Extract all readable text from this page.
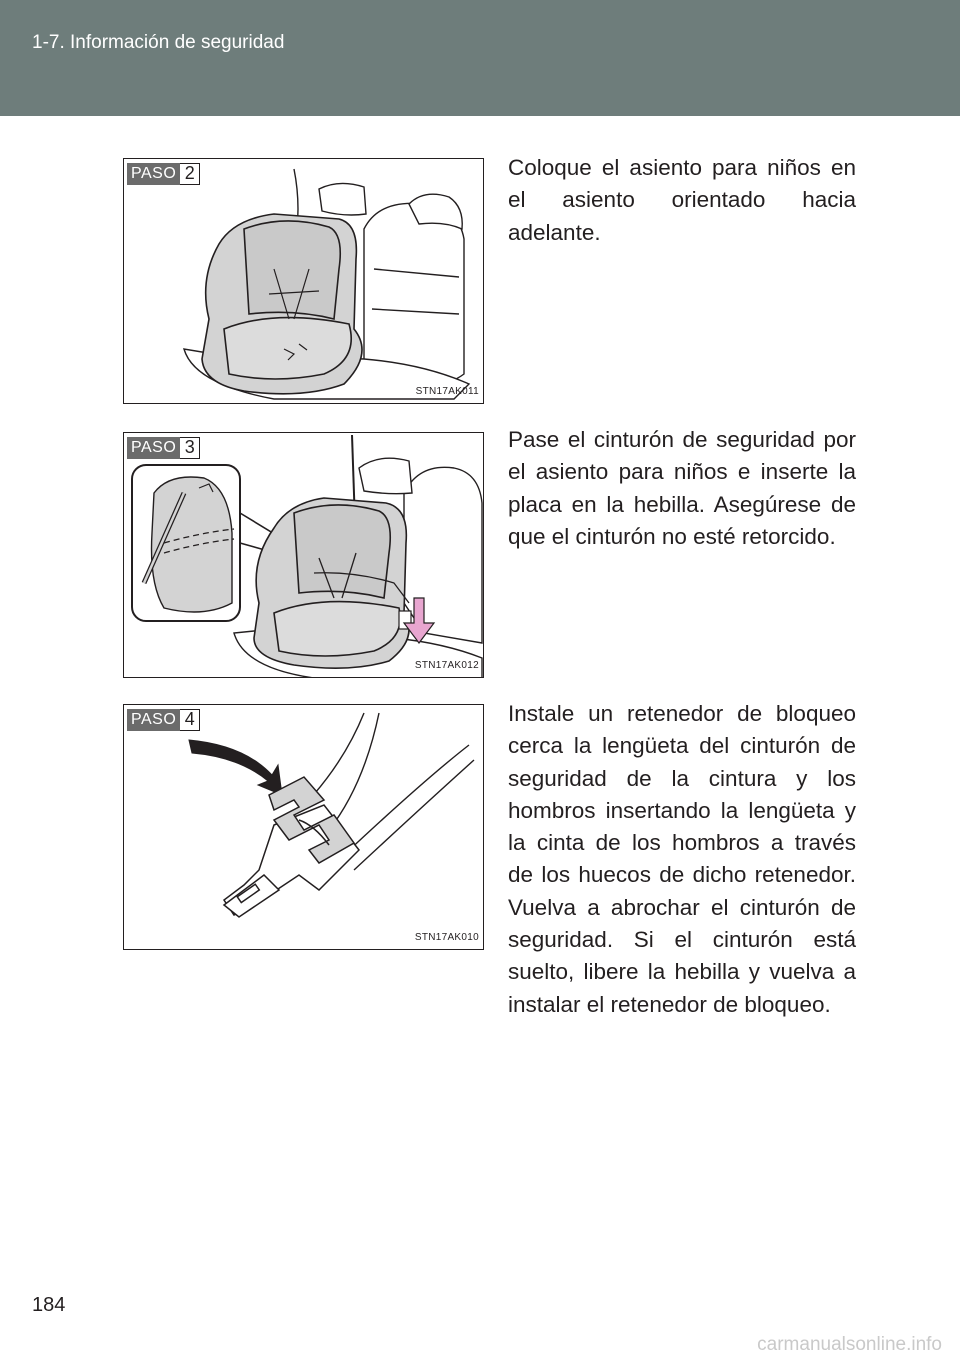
1-7. Información de seguridad
PASO 2
STN17AK011

Coloque el asiento para niños en el asiento orientado hacia adelante.

PASO 3
STN17AK012

Pase el cinturón de seguridad por el asiento para niños e inserte la placa en la hebilla. Asegúrese de que el cinturón no esté retorcido.

PASO 4
STN17AK010

Instale un retenedor de bloqueo cerca la lengüeta del cinturón de seguridad de la cintura y los hombros insertando la lengüeta y la cinta de los hombros a través de los huecos de dicho retenedor. Vuelva a abrochar el cinturón de seguridad. Si el cinturón está suelto, libere la hebilla y vuelva a instalar el retenedor de bloqueo.

184
carmanualsonline.info
